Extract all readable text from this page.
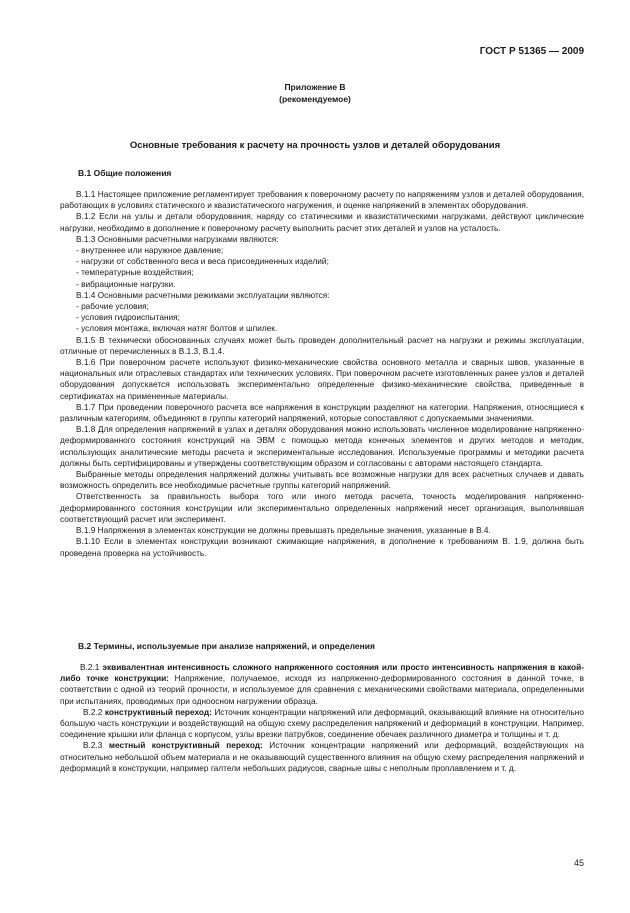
ГОСТ Р 51365 — 2009
Приложение В
(рекомендуемое)
Основные требования к расчету на прочность узлов и деталей оборудования
В.1 Общие положения

В.1.1 Настоящее приложение регламентирует требования к поверочному расчету по напряжениям узлов и деталей оборудования, работающих в условиях статического и квазистатического нагружения, и оценке напряжений в элементах оборудования.

В.1.2 Если на узлы и детали оборудования, наряду со статическими и квазистатическими нагрузками, действуют циклические нагрузки, необходимо в дополнение к поверочному расчету выполнить расчет этих деталей и узлов на усталость.

В.1.3 Основными расчетными нагрузками являются:

- внутреннее или наружное давление;

- нагрузки от собственного веса и веса присоединенных изделий;

- температурные воздействия;

- вибрационные нагрузки.

В.1.4 Основными расчетными режимами эксплуатации являются:

- рабочие условия;

- условия гидроиспытания;

- условия монтажа, включая натяг болтов и шпилек.

В.1.5 В технически обоснованных случаях может быть проведен дополнительный расчет на нагрузки и режимы эксплуатации, отличные от перечисленных в В.1.3, В.1.4.

В.1.6 При поверочном расчете используют физико-механические свойства основного металла и сварных швов, указанные в национальных или отраслевых стандартах или технических условиях. При поверочном расчете изготовленных ранее узлов и деталей оборудования допускается использовать экспериментально определенные физико-механические свойства, приведенные в сертификатах на примененные материалы.

В.1.7 При проведении поверочного расчета все напряжения в конструкции разделяют на категории. Напряжения, относящиеся к различным категориям, объединяют в группы категорий напряжений, которые сопоставляют с допускаемыми значениями.

В.1.8 Для определения напряжений в узлах и деталях оборудования можно использовать численное моделирование напряженно-деформированного состояния конструкций на ЭВМ с помощью метода конечных элементов и других методов и методик, использующих аналитические методы расчета и экспериментальные исследования. Используемые программы и методики расчета должны быть сертифицированы и утверждены соответствующим образом и согласованы с авторами настоящего стандарта.

Выбранные методы определения напряжений должны учитывать все возможные нагрузки для всех расчетных случаев и давать возможность определить все необходимые расчетные группы категорий напряжений.

Ответственность за правильность выбора того или иного метода расчета, точность моделирования напряженно-деформированного состояния конструкции или экспериментально определенных напряжений несет организация, выполнявшая соответствующий расчет или эксперимент.

В.1.9 Напряжения в элементах конструкции не должны превышать предельные значения, указанные в В.4.

В.1.10 Если в элементах конструкции возникают сжимающие напряжения, в дополнение к требованиям В. 1.9, должна быть проведена проверка на устойчивость.

В.2 Термины, используемые при анализе напряжений, и определения

В.2.1 эквивалентная интенсивность сложного напряженного состояния или просто интенсивность напряжения в какой-либо точке конструкции: Напряжение, получаемое, исходя из напряженно-деформированного состояния в данной точке, в соответствии с одной из теорий прочности, и используемое для сравнения с механическими свойствами материала, определенными при испытаниях, проводимых при одноосном нагружении образца.

В.2.2 конструктивный переход: Источник концентрации напряжений или деформаций, оказывающий влияние на относительно большую часть конструкции и воздействующий на общую схему распределения напряжений и деформаций в конструкции. Например, соединение крышки или фланца с корпусом, узлы врезки патрубков, соединение обечаек различного диаметра и толщины и т. д.

В.2.3 местный конструктивный переход: Источник концентрации напряжений или деформаций, воздействующих на относительно небольшой объем материала и не оказывающий существенного влияния на общую схему распределения напряжений и деформаций в конструкции, например галтели небольших радиусов, сварные швы с неполным проплавлением и т. д.

45
